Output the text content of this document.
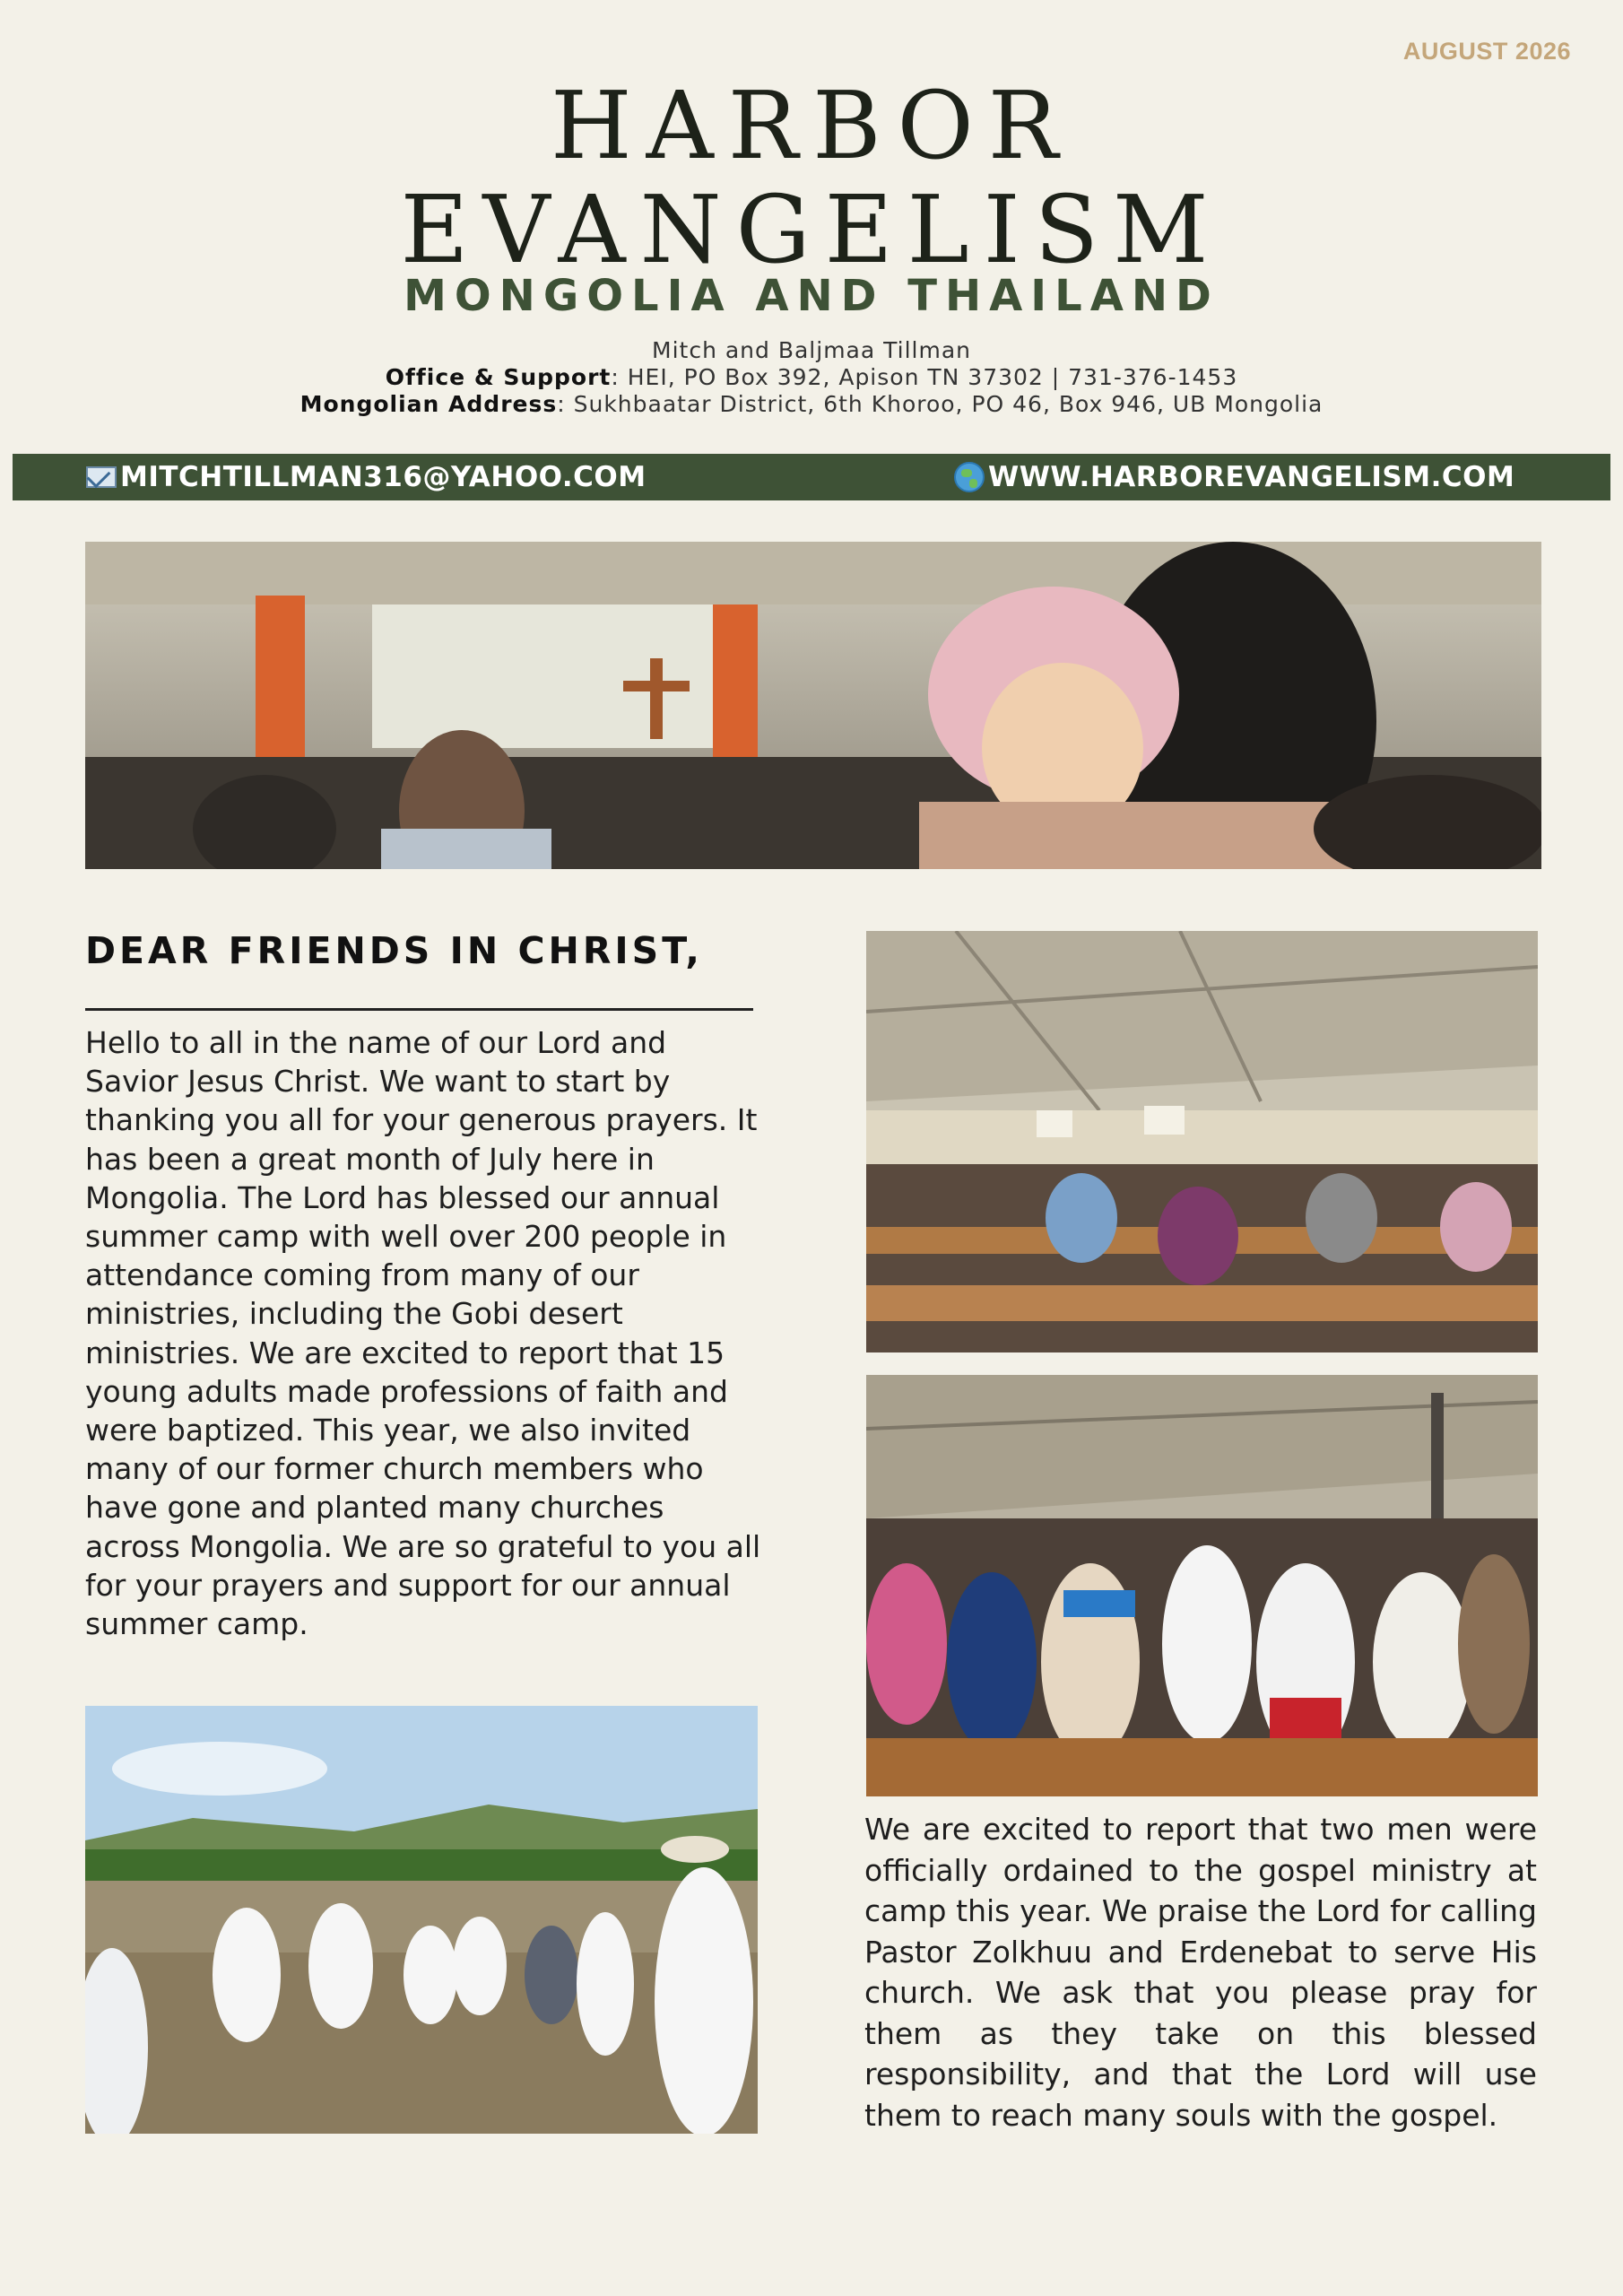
AUGUST 2026
HARBOR
EVANGELISM
MONGOLIA AND THAILAND
Mitch and Baljmaa Tillman
Office & Support: HEI, PO Box 392, Apison TN 37302 | 731-376-1453
Mongolian Address: Sukhbaatar District, 6th Khoroo, PO 46, Box 946, UB Mongolia
MITCHTILLMAN316@YAHOO.COM	WWW.HARBOREVANGELISM.COM
DEAR FRIENDS IN CHRIST,
Hello to all in the name of our Lord and Savior Jesus Christ. We want to start by thanking you all for your generous prayers. It has been a great month of July here in Mongolia. The Lord has blessed our annual summer camp with well over 200 people in attendance coming from many of our ministries, including the Gobi desert ministries. We are excited to report that 15 young adults made professions of faith and were baptized. This year, we also invited many of our former church members who have gone and planted many churches across Mongolia. We are so grateful to you all for your prayers and support for our annual summer camp.
We are excited to report that two men were officially ordained to the gospel ministry at camp this year. We praise the Lord for calling Pastor Zolkhuu and Erdenebat to serve His church. We ask that you please pray for them as they take on this blessed responsibility, and that the Lord will use them to reach many souls with the gospel.
